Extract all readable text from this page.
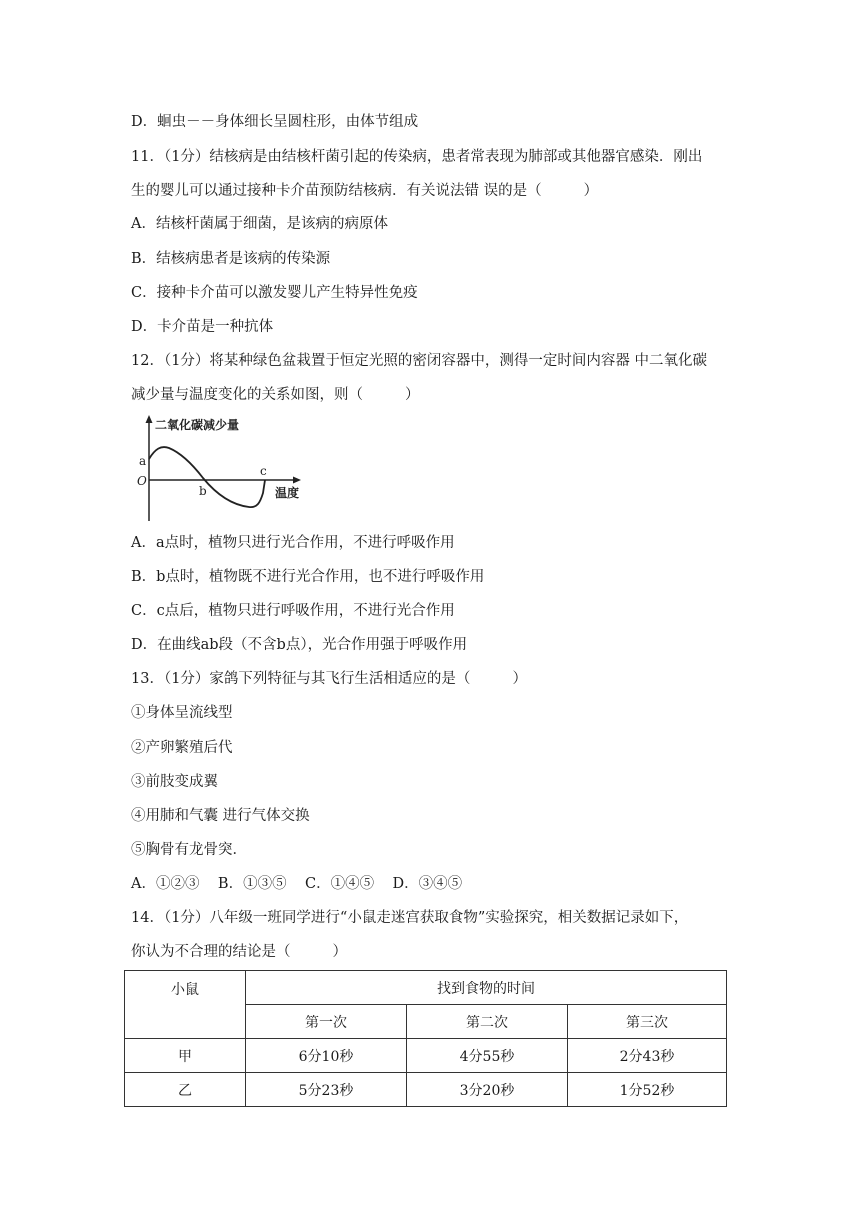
D．蛔虫－－身体细长呈圆柱形，由体节组成
11．（1分）结核病是由结核杆菌引起的传染病，患者常表现为肺部或其他器官感染．刚出
生的婴儿可以通过接种卡介苗预防结核病．有关说法错 误的是（	）
A．结核杆菌属于细菌，是该病的病原体
B．结核病患者是该病的传染源
C．接种卡介苗可以激发婴儿产生特异性免疫
D．卡介苗是一种抗体
12．（1分）将某种绿色盆栽置于恒定光照的密闭容器中，测得一定时间内容器 中二氧化碳
减少量与温度变化的关系如图，则（	）
二氧化碳减少量
温度
O
a
b
c
A．a点时，植物只进行光合作用，不进行呼吸作用
B．b点时，植物既不进行光合作用，也不进行呼吸作用
C．c点后，植物只进行呼吸作用，不进行光合作用
D．在曲线ab段（不含b点），光合作用强于呼吸作用
13．（1分）家鸽下列特征与其飞行生活相适应的是（	）
①身体呈流线型
②产卵繁殖后代
③前肢变成翼
④用肺和气囊 进行气体交换
⑤胸骨有龙骨突．
A．①②③    B．①③⑤    C．①④⑤    D．③④⑤
14．（1分）八年级一班同学进行“小鼠走迷宫获取食物”实验探究，相关数据记录如下，
你认为不合理的结论是（	）
小鼠	找到食物的时间		
	第一次	第二次	第三次
甲	6分10秒	4分55秒	2分43秒
乙	5分23秒	3分20秒	1分52秒
